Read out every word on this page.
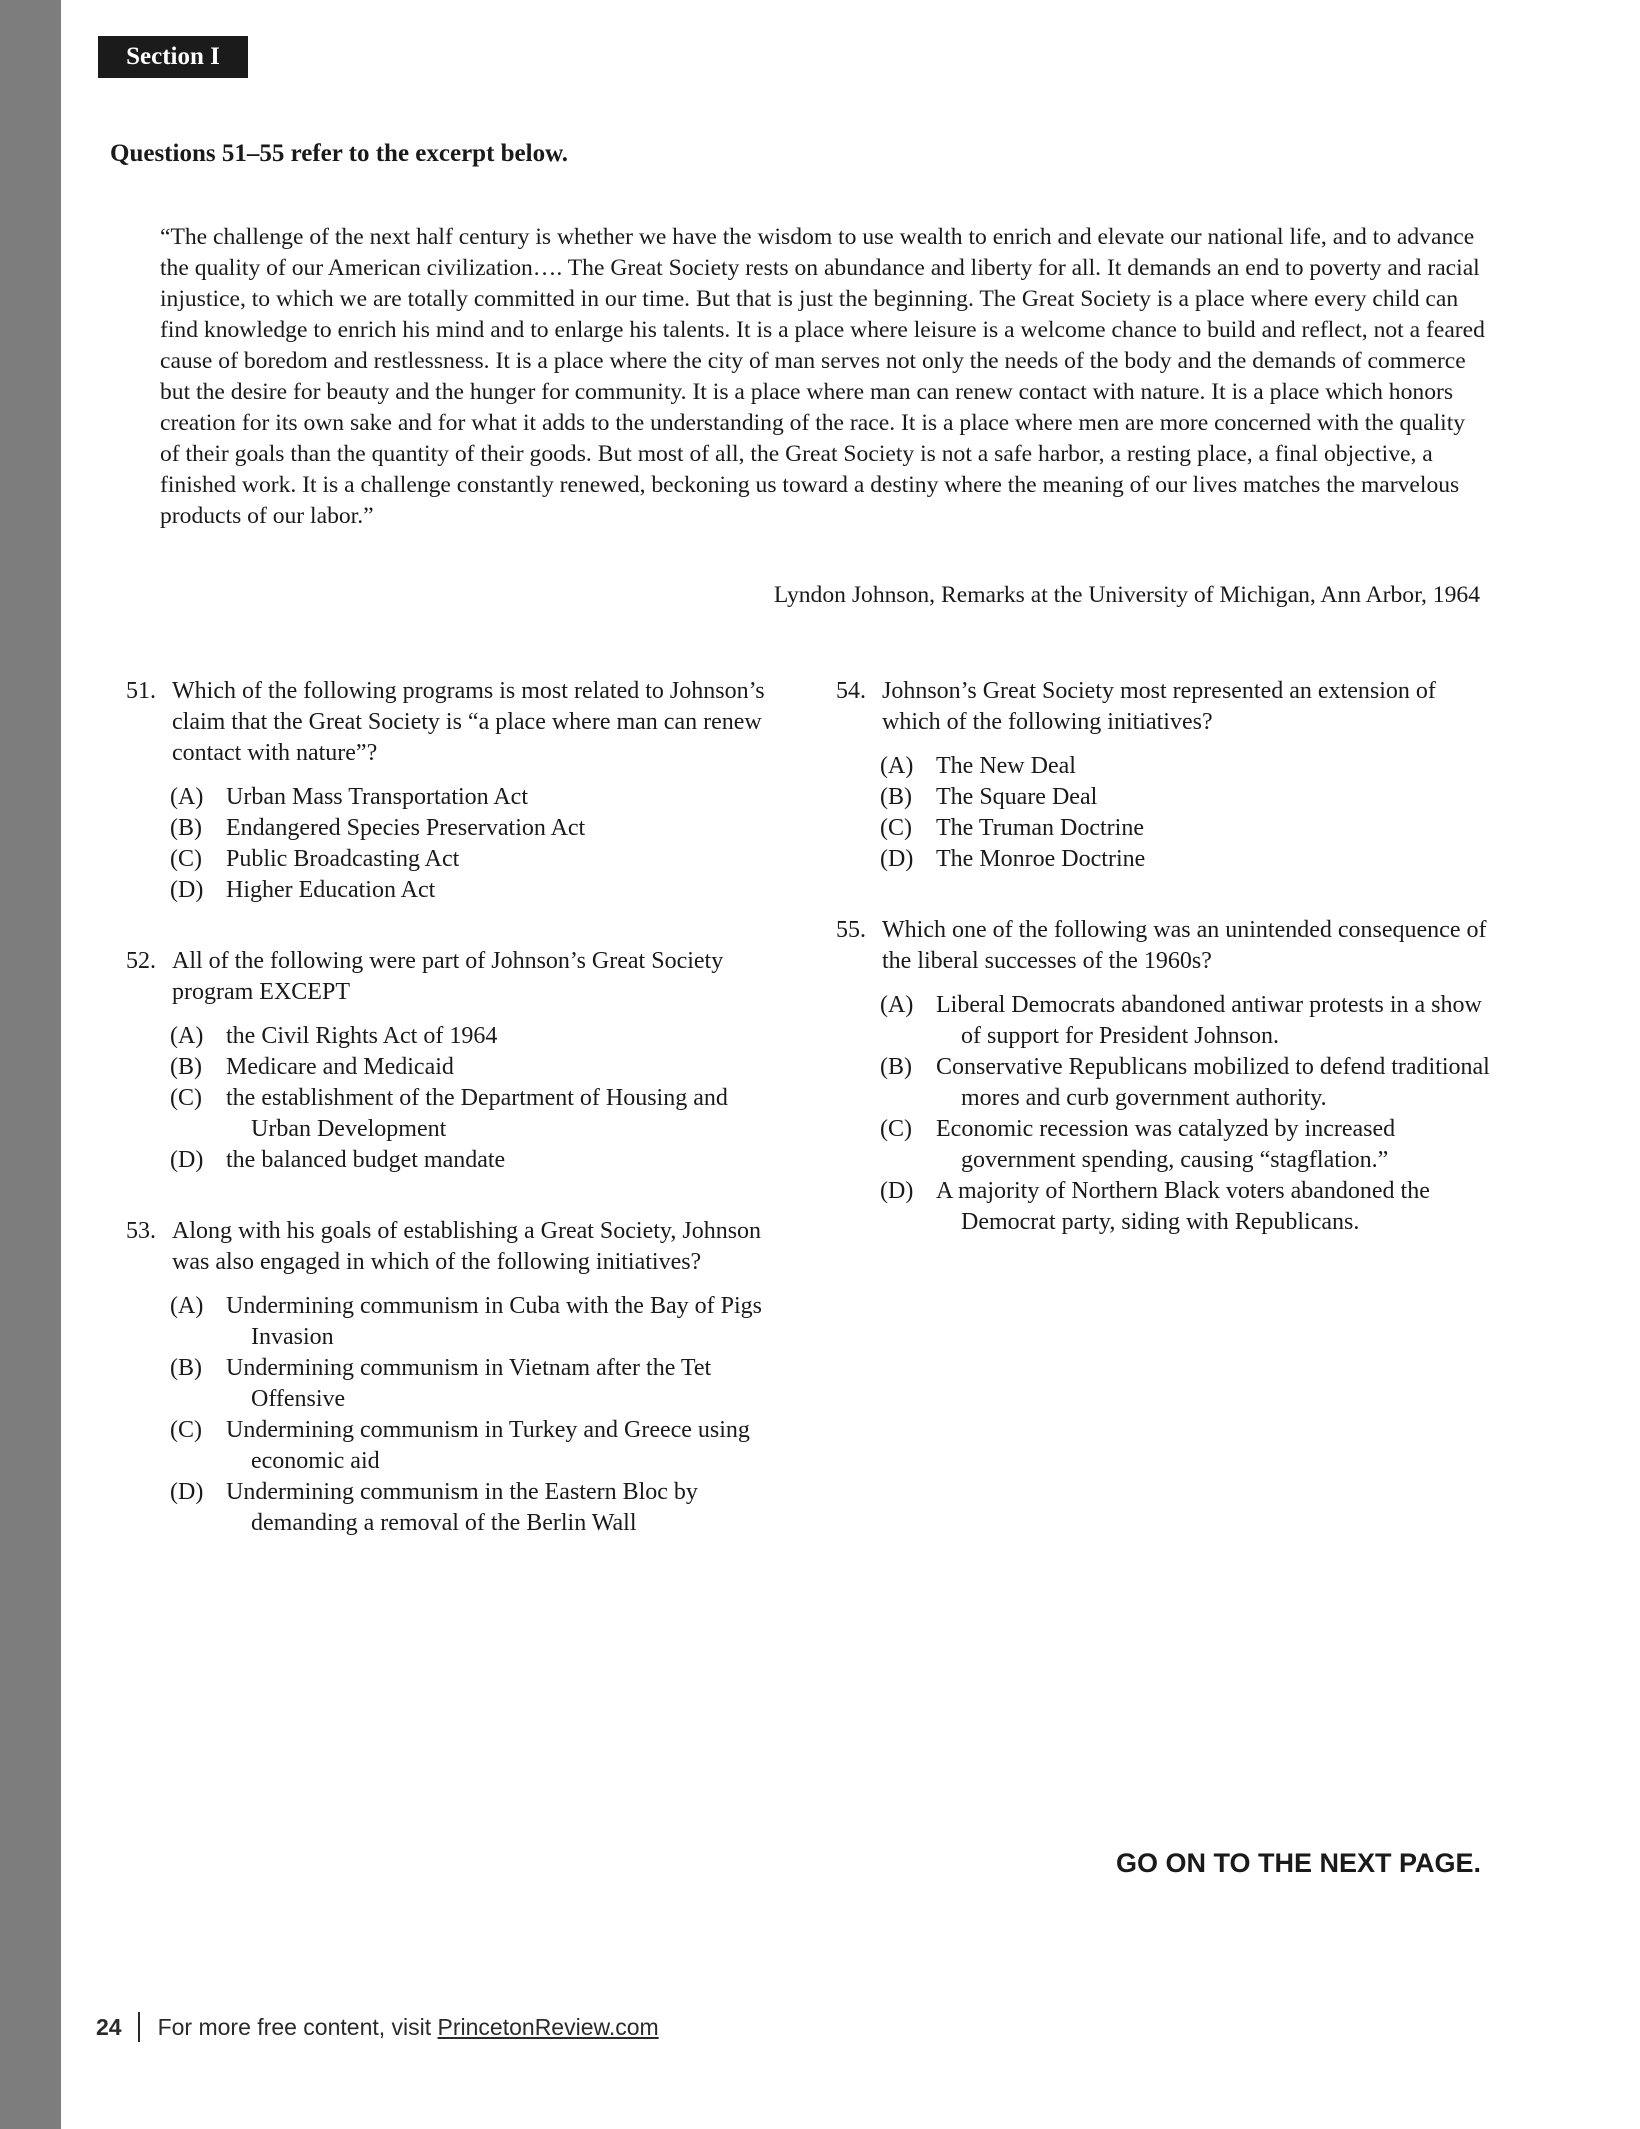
Section I
Questions 51–55 refer to the excerpt below.

“The challenge of the next half century is whether we have the wisdom to use wealth to enrich and elevate our national life, and to advance the quality of our American civilization…. The Great Society rests on abundance and liberty for all. It demands an end to poverty and racial injustice, to which we are totally committed in our time. But that is just the beginning. The Great Society is a place where every child can find knowledge to enrich his mind and to enlarge his talents. It is a place where leisure is a welcome chance to build and reflect, not a feared cause of boredom and restlessness. It is a place where the city of man serves not only the needs of the body and the demands of commerce but the desire for beauty and the hunger for community. It is a place where man can renew contact with nature. It is a place which honors creation for its own sake and for what it adds to the understanding of the race. It is a place where men are more concerned with the quality of their goals than the quantity of their goods. But most of all, the Great Society is not a safe harbor, a resting place, a final objective, a finished work. It is a challenge constantly renewed, beckoning us toward a destiny where the meaning of our lives matches the marvelous products of our labor.”

Lyndon Johnson, Remarks at the University of Michigan, Ann Arbor, 1964
51. Which of the following programs is most related to Johnson’s claim that the Great Society is “a place where man can renew contact with nature”?
(A) Urban Mass Transportation Act
(B) Endangered Species Preservation Act
(C) Public Broadcasting Act
(D) Higher Education Act
52. All of the following were part of Johnson’s Great Society program EXCEPT
(A) the Civil Rights Act of 1964
(B) Medicare and Medicaid
(C) the establishment of the Department of Housing and Urban Development
(D) the balanced budget mandate
53. Along with his goals of establishing a Great Society, Johnson was also engaged in which of the following initiatives?
(A) Undermining communism in Cuba with the Bay of Pigs Invasion
(B) Undermining communism in Vietnam after the Tet Offensive
(C) Undermining communism in Turkey and Greece using economic aid
(D) Undermining communism in the Eastern Bloc by demanding a removal of the Berlin Wall
54. Johnson’s Great Society most represented an extension of which of the following initiatives?
(A) The New Deal
(B) The Square Deal
(C) The Truman Doctrine
(D) The Monroe Doctrine
55. Which one of the following was an unintended consequence of the liberal successes of the 1960s?
(A) Liberal Democrats abandoned antiwar protests in a show of support for President Johnson.
(B) Conservative Republicans mobilized to defend traditional mores and curb government authority.
(C) Economic recession was catalyzed by increased government spending, causing “stagflation.”
(D) A majority of Northern Black voters abandoned the Democrat party, siding with Republicans.
GO ON TO THE NEXT PAGE.
24 For more free content, visit PrincetonReview.com
